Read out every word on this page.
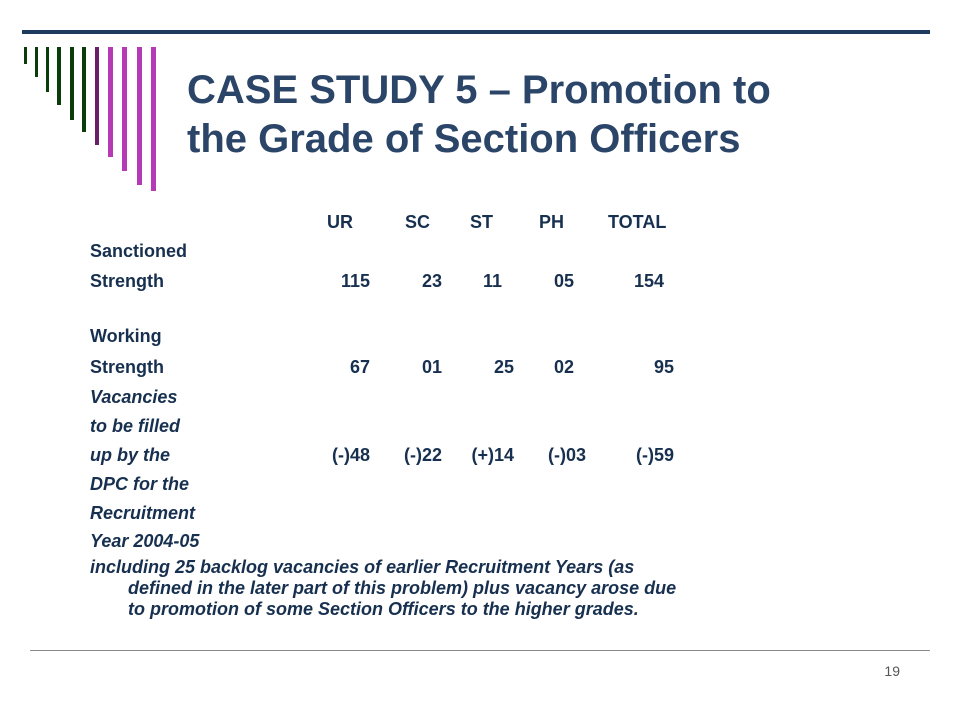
CASE STUDY 5 – Promotion to
the Grade of Section Officers
UR	SC ST	PH TOTAL
Sanctioned
Strength	115	23	11	05	154
Working
Strength	67	01	25	02	95
Vacancies
to be filled
up by the
DPC for the
Recruitment
Year 2004-05
(-)48	(-)22	(+)14	(-)03	(-)59

including 25 backlog vacancies of earlier Recruitment Years (as
defined in the later part of this problem) plus vacancy arose due
to promotion of some Section Officers to the higher grades.

19
